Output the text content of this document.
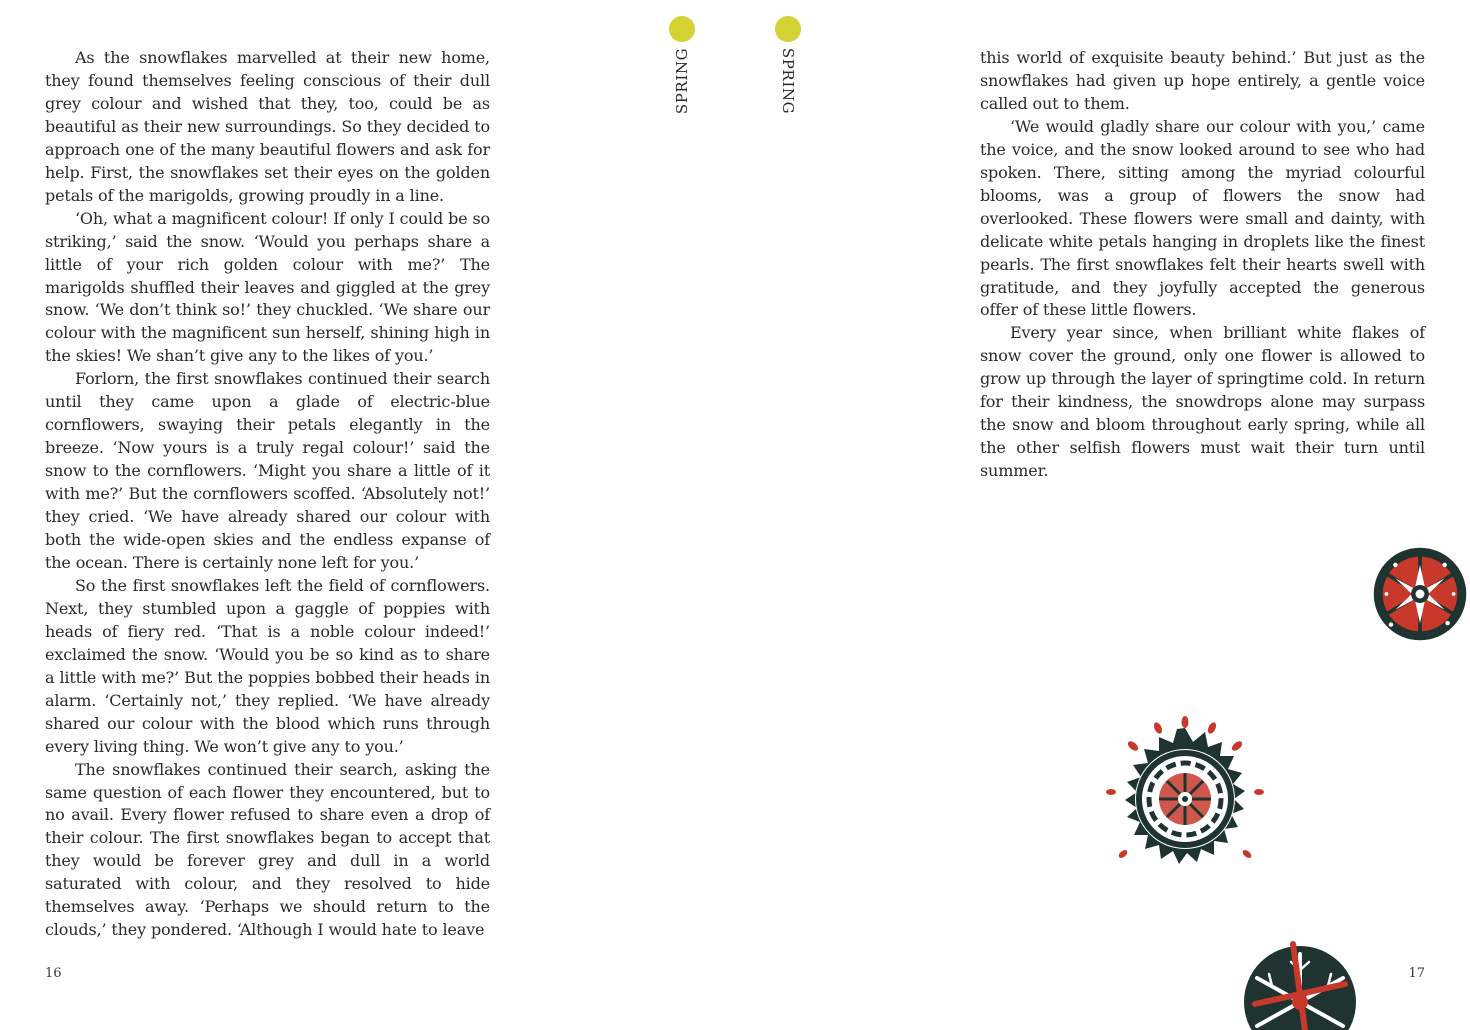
As the snowflakes marvelled at their new home, they found themselves feeling conscious of their dull grey colour and wished that they, too, could be as beautiful as their new surroundings. So they decided to approach one of the many beautiful flowers and ask for help. First, the snowflakes set their eyes on the golden petals of the marigolds, growing proudly in a line.

‘Oh, what a magnificent colour! If only I could be so striking,’ said the snow. ‘Would you perhaps share a little of your rich golden colour with me?’ The marigolds shuffled their leaves and giggled at the grey snow. ‘We don’t think so!’ they chuckled. ‘We share our colour with the magnificent sun herself, shining high in the skies! We shan’t give any to the likes of you.’

Forlorn, the first snowflakes continued their search until they came upon a glade of electric-blue cornflowers, swaying their petals elegantly in the breeze. ‘Now yours is a truly regal colour!’ said the snow to the cornflowers. ‘Might you share a little of it with me?’ But the cornflowers scoffed. ‘Absolutely not!’ they cried. ‘We have already shared our colour with both the wide-open skies and the endless expanse of the ocean. There is certainly none left for you.’

So the first snowflakes left the field of cornflowers. Next, they stumbled upon a gaggle of poppies with heads of fiery red. ‘That is a noble colour indeed!’ exclaimed the snow. ‘Would you be so kind as to share a little with me?’ But the poppies bobbed their heads in alarm. ‘Certainly not,’ they replied. ‘We have already shared our colour with the blood which runs through every living thing. We won’t give any to you.’

The snowflakes continued their search, asking the same question of each flower they encountered, but to no avail. Every flower refused to share even a drop of their colour. The first snowflakes began to accept that they would be forever grey and dull in a world saturated with colour, and they resolved to hide themselves away. ‘Perhaps we should return to the clouds,’ they pondered. ‘Although I would hate to leave

SPRING
16
SPRING	this world of exquisite beauty behind.’ But just as the snowflakes had given up hope entirely, a gentle voice called out to them.

‘We would gladly share our colour with you,’ came the voice, and the snow looked around to see who had spoken. There, sitting among the myriad colourful blooms, was a group of flowers the snow had overlooked. These flowers were small and dainty, with delicate white petals hanging in droplets like the finest pearls. The first snowflakes felt their hearts swell with gratitude, and they joyfully accepted the generous offer of these little flowers.

Every year since, when brilliant white flakes of snow cover the ground, only one flower is allowed to grow up through the layer of springtime cold. In return for their kindness, the snowdrops alone may surpass the snow and bloom throughout early spring, while all the other selfish flowers must wait their turn until summer.

17
